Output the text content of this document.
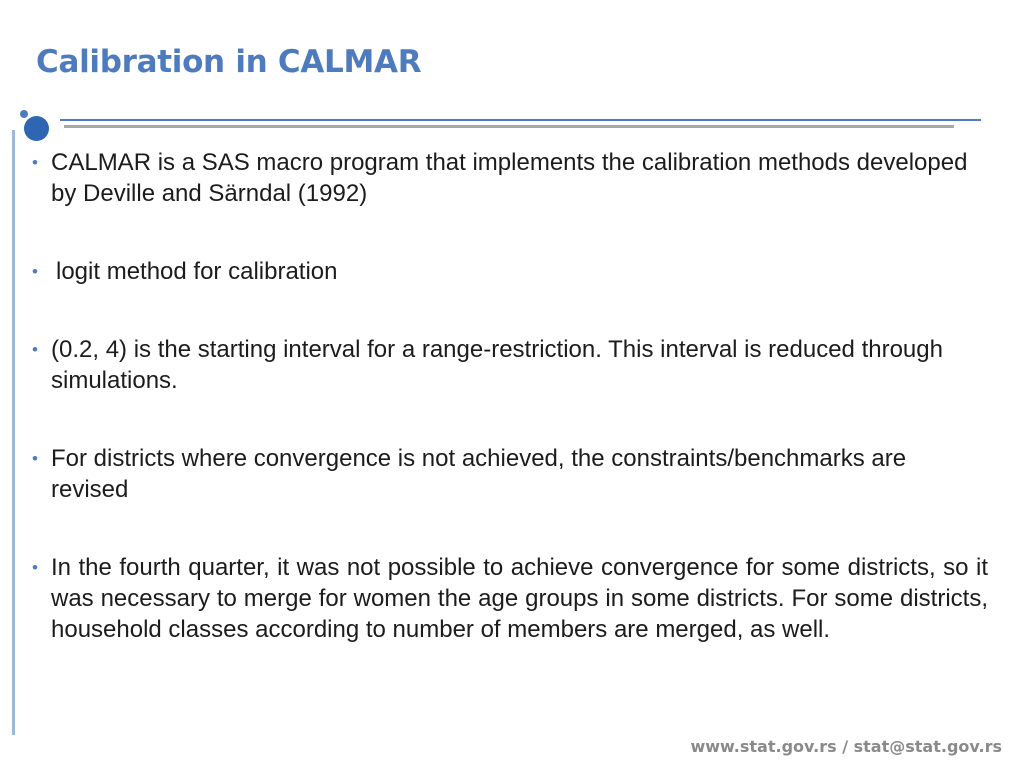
Calibration in CALMAR
• CALMAR is a SAS macro program that implements the calibration methods developed by Deville and Särndal (1992)
• logit method for calibration
• (0.2, 4) is the starting interval for a range-restriction. This interval is reduced through simulations.
• For districts where convergence is not achieved, the constraints/benchmarks are revised
• In the fourth quarter, it was not possible to achieve convergence for some districts, so it was necessary to merge for women the age groups in some districts. For some districts, household classes according to number of members are merged, as well.
www.stat.gov.rs / stat@stat.gov.rs
